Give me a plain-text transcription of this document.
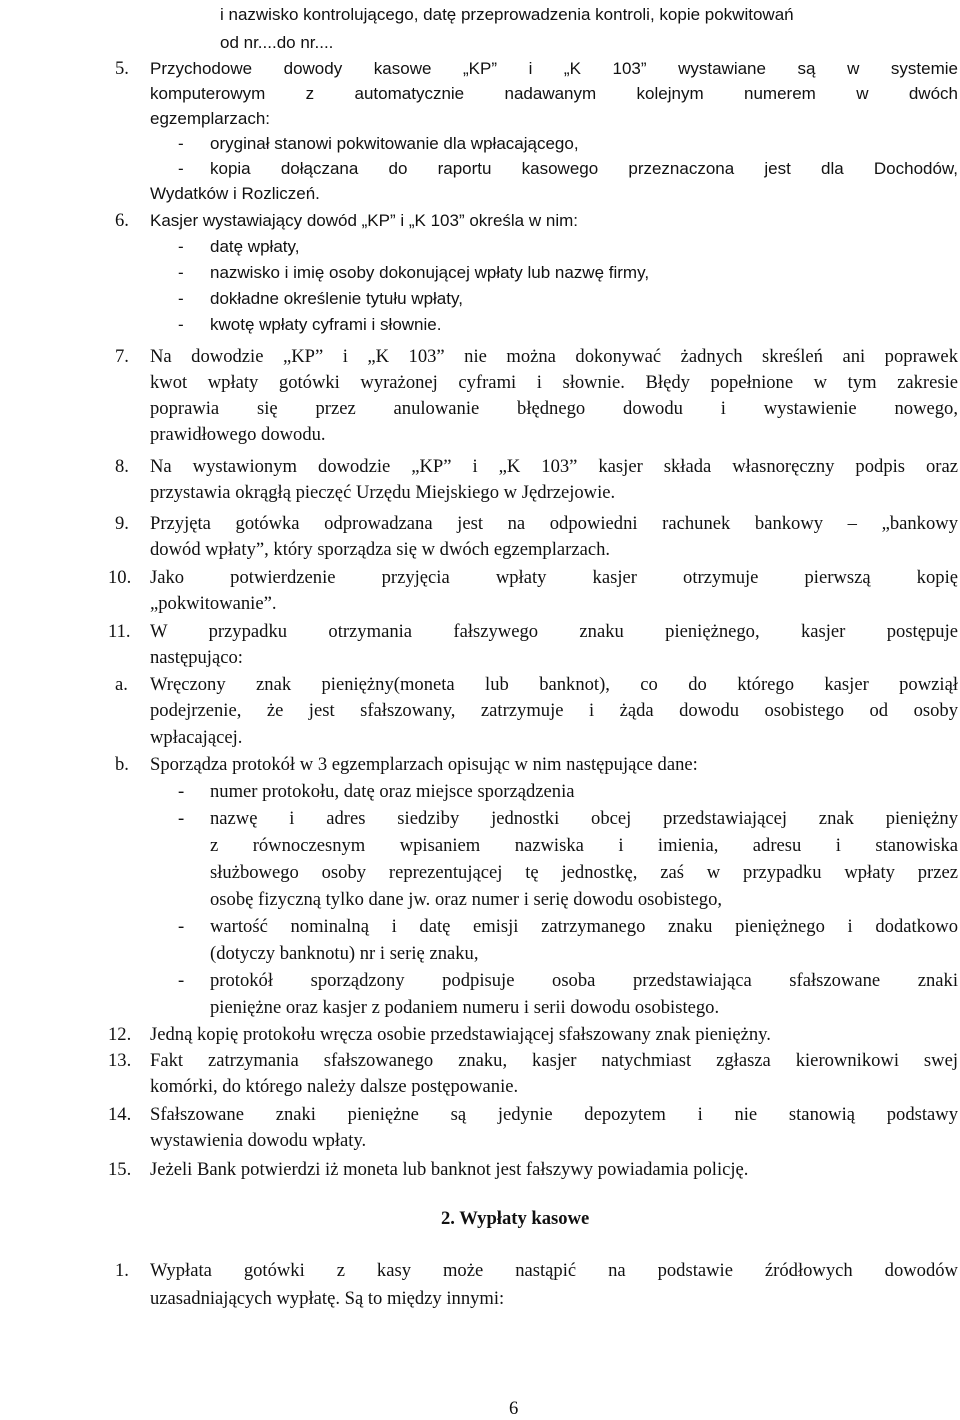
i nazwisko kontrolującego, datę przeprowadzenia kontroli, kopie pokwitowań
od nr....do nr....
5. Przychodowe dowody kasowe „KP” i „K 103” wystawiane są w systemie
komputerowym z automatycznie nadawanym kolejnym numerem w dwóch
egzemplarzach:
- oryginał stanowi pokwitowanie dla wpłacającego,
- kopia dołączana do raportu kasowego przeznaczona jest dla Dochodów,
Wydatków i Rozliczeń.
6. Kasjer wystawiający dowód „KP” i „K 103” określa w nim:
- datę wpłaty,
- nazwisko i imię osoby dokonującej wpłaty lub nazwę firmy,
- dokładne określenie tytułu wpłaty,
- kwotę wpłaty cyframi i słownie.
7. Na dowodzie „KP” i „K 103” nie można dokonywać żadnych skreśleń ani poprawek
kwot wpłaty gotówki wyrażonej cyframi i słownie. Błędy popełnione w tym zakresie
poprawia się przez anulowanie błędnego dowodu i wystawienie nowego,
prawidłowego dowodu.
8. Na wystawionym dowodzie „KP” i „K 103” kasjer składa własnoręczny podpis oraz
przystawia okrągłą pieczęć Urzędu Miejskiego w Jędrzejowie.
9. Przyjęta gotówka odprowadzana jest na odpowiedni rachunek bankowy – „bankowy
dowód wpłaty”, który sporządza się w dwóch egzemplarzach.
10. Jako potwierdzenie przyjęcia wpłaty kasjer otrzymuje pierwszą kopię
„pokwitowanie”.
11. W przypadku otrzymania fałszywego znaku pieniężnego, kasjer postępuje
następująco:
a. Wręczony znak pieniężny(moneta lub banknot), co do którego kasjer powziął
podejrzenie, że jest sfałszowany, zatrzymuje i żąda dowodu osobistego od osoby
wpłacającej.
b. Sporządza protokół w 3 egzemplarzach opisując w nim następujące dane:
- numer protokołu, datę oraz miejsce sporządzenia
- nazwę i adres siedziby jednostki obcej przedstawiającej znak pieniężny
z równoczesnym wpisaniem nazwiska i imienia, adresu i stanowiska
służbowego osoby reprezentującej tę jednostkę, zaś w przypadku wpłaty przez
osobę fizyczną tylko dane jw. oraz numer i serię dowodu osobistego,
- wartość nominalną i datę emisji zatrzymanego znaku pieniężnego i dodatkowo
(dotyczy banknotu) nr i serię znaku,
- protokół sporządzony podpisuje osoba przedstawiająca sfałszowane znaki
pieniężne oraz kasjer z podaniem numeru i serii dowodu osobistego.
12. Jedną kopię protokołu wręcza osobie przedstawiającej sfałszowany znak pieniężny.
13. Fakt zatrzymania sfałszowanego znaku, kasjer natychmiast zgłasza kierownikowi swej
komórki, do którego należy dalsze postępowanie.
14. Sfałszowane znaki pieniężne są jedynie depozytem i nie stanowią podstawy
wystawienia dowodu wpłaty.
15. Jeżeli Bank potwierdzi iż moneta lub banknot jest fałszywy powiadamia policję.
2. Wypłaty kasowe
1. Wypłata gotówki z kasy może nastąpić na podstawie źródłowych dowodów
uzasadniających wypłatę. Są to między innymi:
6
